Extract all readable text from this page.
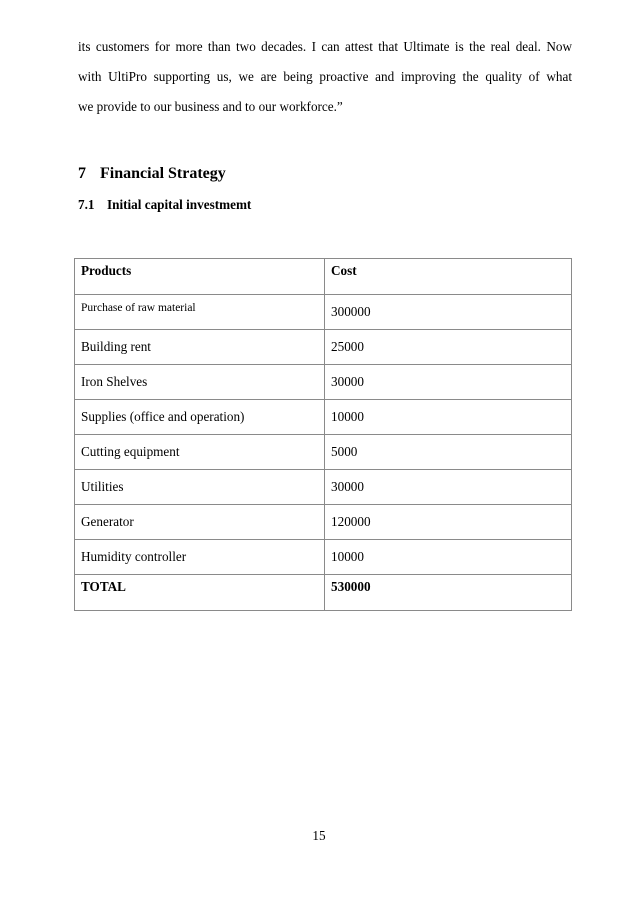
its customers for more than two decades. I can attest that Ultimate is the real deal. Now
with UltiPro supporting us, we are being proactive and improving the quality of what
we provide to our business and to our workforce.”
7 Financial Strategy
7.1 Initial capital investmemt
Products	Cost
Purchase of raw material	300000
Building rent	25000
Iron Shelves	30000
Supplies (office and operation)	10000
Cutting equipment	5000
Utilities	30000
Generator	120000
Humidity controller	10000
TOTAL	530000
15
